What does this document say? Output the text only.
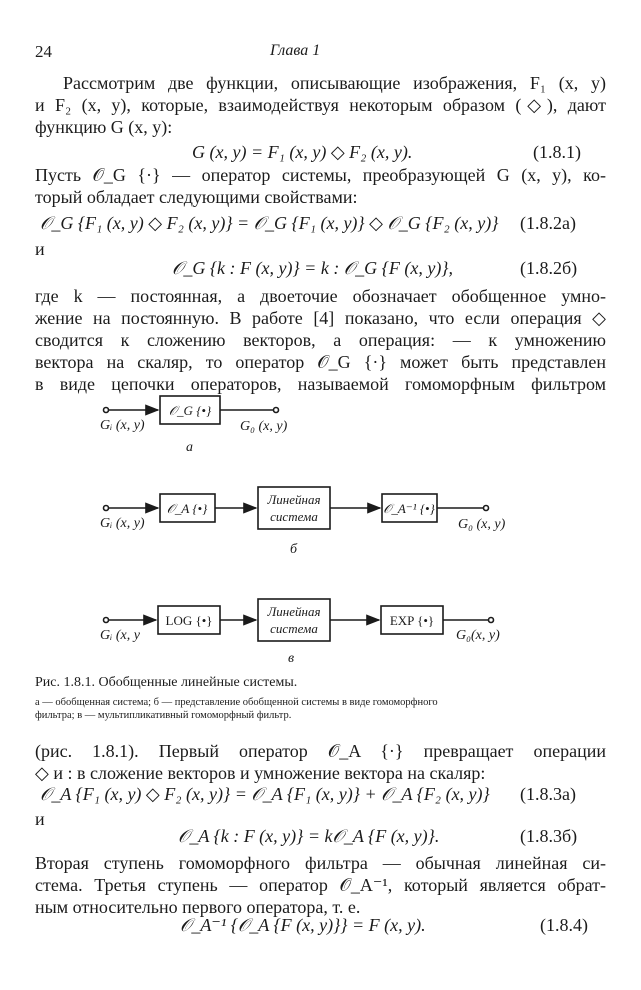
24	Глава 1
Рассмотрим две функции, описывающие изображения, F₁ (x, y)
и F₂ (x, y), которые, взаимодействуя некоторым образом (◇), дают
функцию G (x, y):
G (x, y) = F₁ (x, y) ◇ F₂ (x, y).	(1.8.1)
Пусть 𝒪_G {·} — оператор системы, преобразующей G (x, y), ко-
торый обладает следующими свойствами:
𝒪_G {F₁ (x, y) ◇ F₂ (x, y)} = 𝒪_G {F₁ (x, y)} ◇ 𝒪_G {F₂ (x, y)} (1.8.2a)
и
𝒪_G {k : F (x, y)} = k : 𝒪_G {F (x, y)},	(1.8.2б)
где k — постоянная, а двоеточие обозначает обобщенное умно-
жение на постоянную. В работе [4] показано, что если операция ◇
сводится к сложению векторов, а операция: — к умножению
вектора на скаляр, то оператор 𝒪_G {·} может быть представлен
в виде цепочки операторов, называемой гомоморфным фильтром
Gᵢ (x, y)
𝒪_G {•}
G₀ (x, y)
а
Gᵢ (x, y)
𝒪_A {•}
Линейная
система
𝒪_A⁻¹ {•}
G₀ (x, y)
б
Gᵢ (x, y
LOG {•}
Линейная
система
EXP {•}
G₀(x, y)
в
Рис. 1.8.1. Обобщенные линейные системы.
а — обобщенная система; б — представление обобщенной системы в виде гомоморфного
фильтра; в — мультипликативный гомоморфный фильтр.
(рис. 1.8.1). Первый оператор 𝒪_A {·} превращает операции
◇ и : в сложение векторов и умножение вектора на скаляр:
𝒪_A {F₁ (x, y) ◇ F₂ (x, y)} = 𝒪_A {F₁ (x, y)} + 𝒪_A {F₂ (x, y)} (1.8.3a)
и
𝒪_A {k : F (x, y)} = k𝒪_A {F (x, y)}.	(1.8.3б)
Вторая ступень гомоморфного фильтра — обычная линейная си-
стема. Третья ступень — оператор 𝒪_A⁻¹, который является обрат-
ным относительно первого оператора, т. е.
𝒪_A⁻¹ {𝒪_A {F (x, y)}} = F (x, y).	(1.8.4)
